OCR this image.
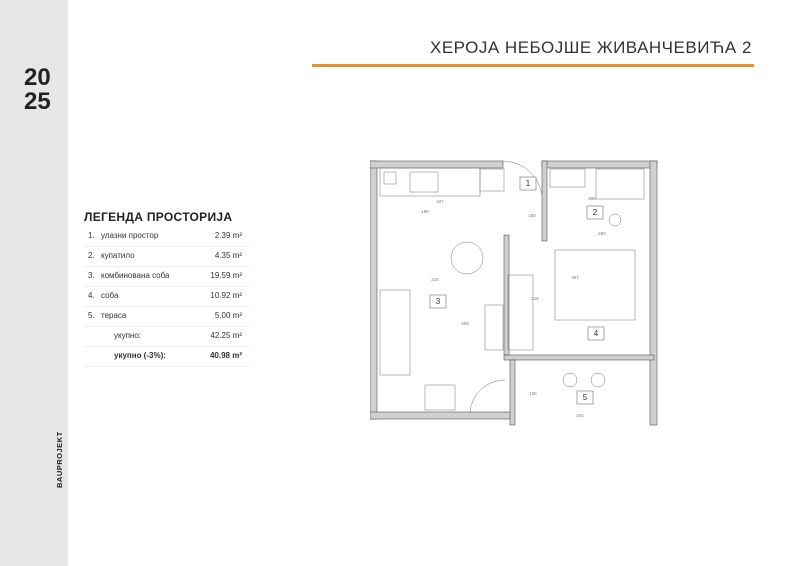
20
25
BAUPROJEKT
ХЕРОЈА НЕБОЈШЕ ЖИВАНЧЕВИЋА 2
ЛЕГЕНДА ПРОСТОРИЈА
1. улазни простор	2.39 m²
2. купатило	4.35 m²
3. комбинована соба	19.59 m²
4. соба	10.92 m²
5. тераса	5.00 m²
укупно:	42.25 m²
укупно (-3%):	40.98 m²
1
2
3
4
5
427
180
266
266
180
315	367
218
406
156
344
